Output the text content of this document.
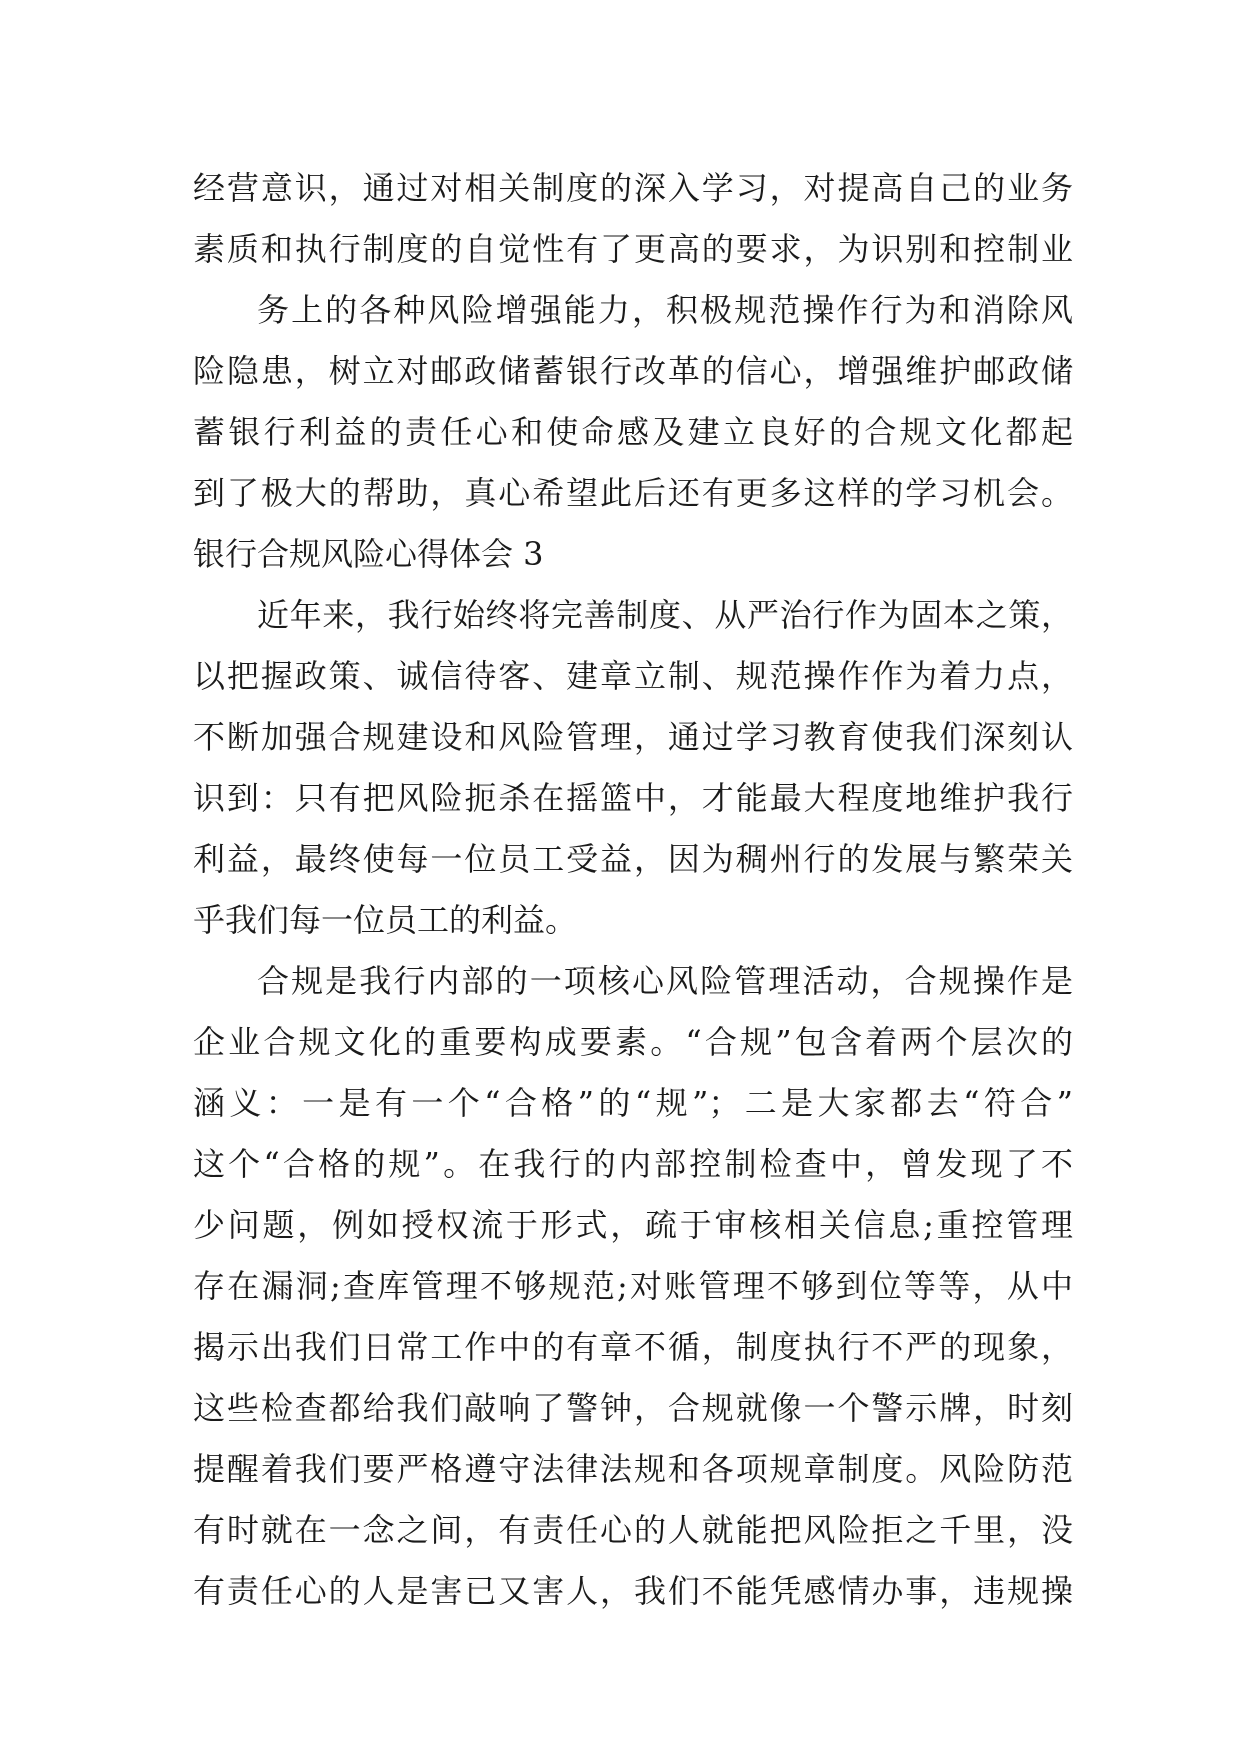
经营意识，通过对相关制度的深入学习，对提高自己的业务
素质和执行制度的自觉性有了更高的要求，为识别和控制业
务上的各种风险增强能力，积极规范操作行为和消除风
险隐患，树立对邮政储蓄银行改革的信心，增强维护邮政储
蓄银行利益的责任心和使命感及建立良好的合规文化都起
到了极大的帮助，真心希望此后还有更多这样的学习机会。
银行合规风险心得体会 3
近年来，我行始终将完善制度、从严治行作为固本之策，
以把握政策、诚信待客、建章立制、规范操作作为着力点，
不断加强合规建设和风险管理，通过学习教育使我们深刻认
识到：只有把风险扼杀在摇篮中，才能最大程度地维护我行
利益，最终使每一位员工受益，因为稠州行的发展与繁荣关
乎我们每一位员工的利益。
合规是我行内部的一项核心风险管理活动，合规操作是
企业合规文化的重要构成要素。“合规”包含着两个层次的
涵义：一是有一个“合格”的“规”；二是大家都去“符合”
这个“合格的规”。在我行的内部控制检查中，曾发现了不
少问题，例如授权流于形式，疏于审核相关信息;重控管理
存在漏洞;查库管理不够规范;对账管理不够到位等等，从中
揭示出我们日常工作中的有章不循，制度执行不严的现象，
这些检查都给我们敲响了警钟，合规就像一个警示牌，时刻
提醒着我们要严格遵守法律法规和各项规章制度。风险防范
有时就在一念之间，有责任心的人就能把风险拒之千里，没
有责任心的人是害已又害人，我们不能凭感情办事，违规操
